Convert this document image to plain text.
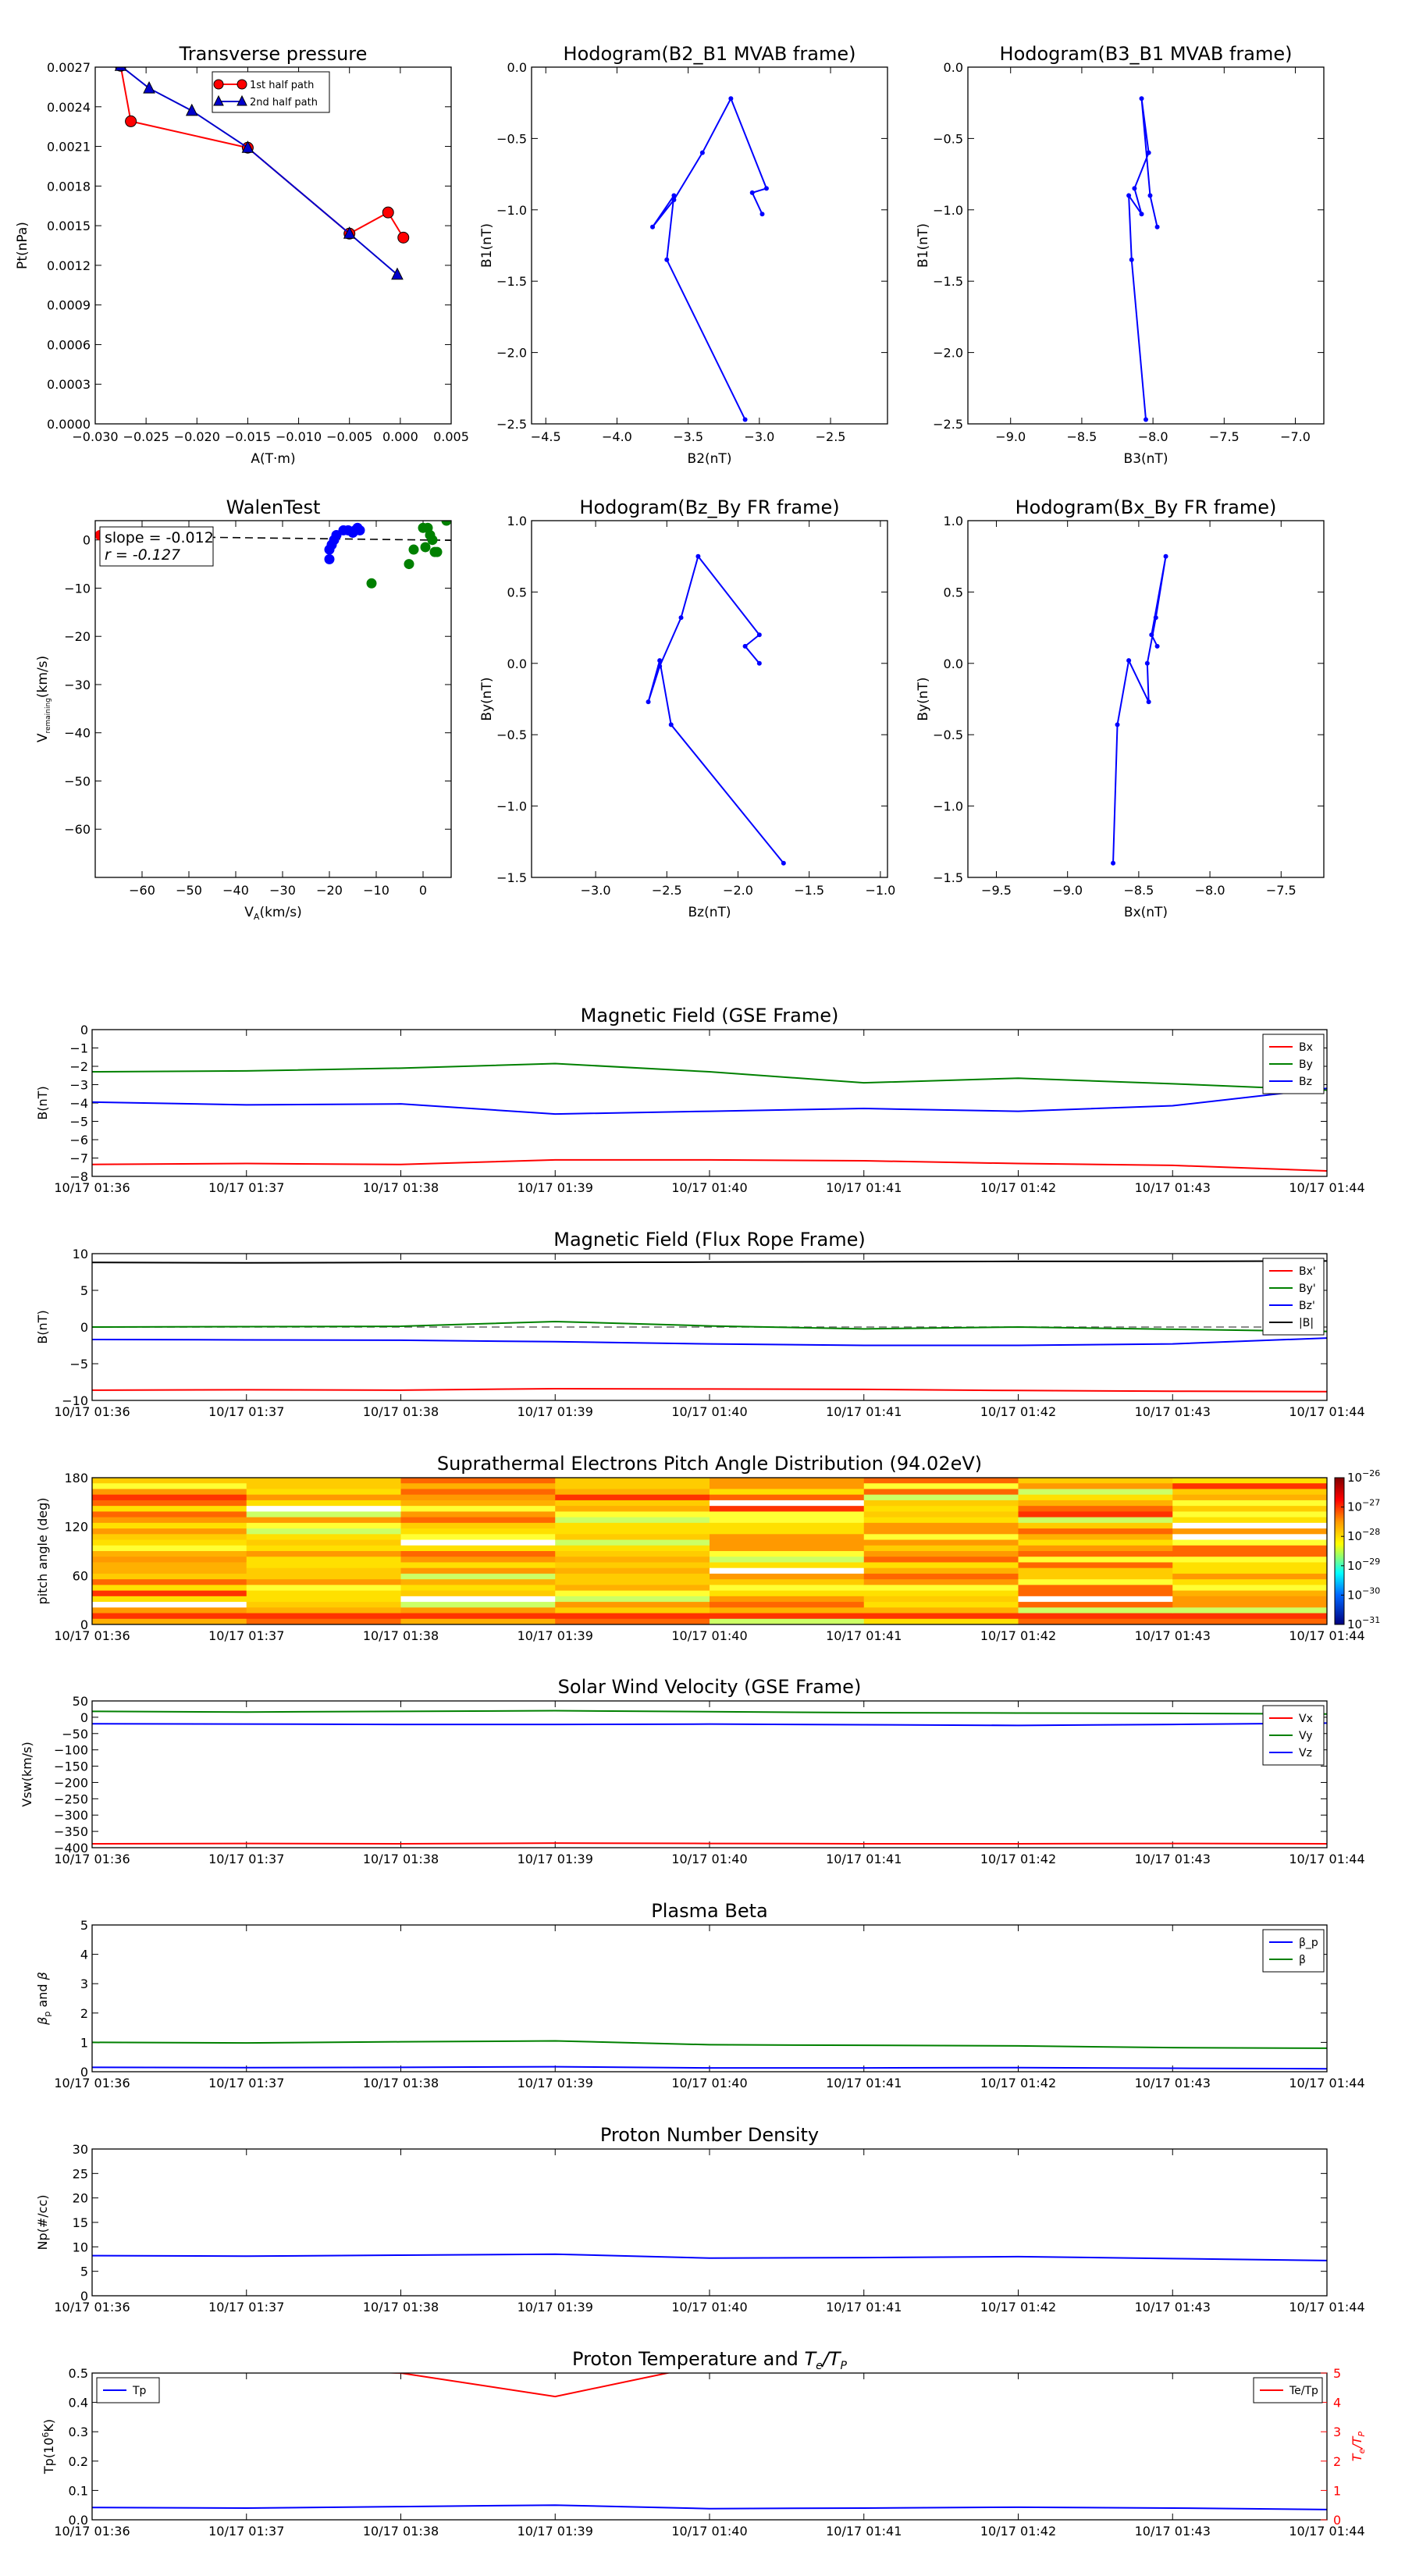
Transverse pressure
A(T·m)
−0.030 −0.025 −0.020 −0.015 −0.010 −0.005 0.000 0.005
0.0000
0.0003
0.0006
0.0009
0.0012
0.0015
0.0018
0.0021
0.0024
0.0027
Pt(nPa)
1st half path
2nd half path
Hodogram(B2_B1 MVAB frame)
B2(nT)
−4.5	−4.0	−3.5	−3.0	−2.5
−2.5
−2.0
−1.5
−1.0
−0.5
0.0
B1(nT)
Hodogram(B3_B1 MVAB frame)
B3(nT)
−9.0	−8.5	−8.0	−7.5	−7.0
−2.5
−2.0
−1.5
−1.0
−0.5
0.0
B1(nT)
WalenTest
−60 −50 −40 −30 −20 −10 0
−60
−50
−40
−30
−20
−10
0
$V_{remaining}(km/s)$
$V_A(km/s)$
slope = -0.012
r = -0.127
Hodogram(Bz_By FR frame)
Bz(nT)
−3.0	−2.5	−2.0	−1.5	−1.0
−1.5
−1.0
−0.5
0.0
0.5
1.0
By(nT)
Hodogram(Bx_By FR frame)
Bx(nT)
−9.5	−9.0	−8.5	−8.0	−7.5
−1.5
−1.0
−0.5
0.0
0.5
1.0
By(nT)
Magnetic Field (GSE Frame)
10/17 01:36	10/17 01:37	10/17 01:38	10/17 01:39	10/17 01:40	10/17 01:41	10/17 01:42	10/17 01:43	10/17 01:44
−8
−7
−6
−5
−4
−3
−2
−1
0
B(nT)
Bx
By
Bz
Magnetic Field (Flux Rope Frame)
10/17 01:36	10/17 01:37	10/17 01:38	10/17 01:39	10/17 01:40	10/17 01:41	10/17 01:42	10/17 01:43	10/17 01:44
−10
−5
0
5
10
B(nT)
Bx'
By'
Bz'
|B|
Suprathermal Electrons Pitch Angle Distribution (94.02eV)
10/17 01:36	10/17 01:37	10/17 01:38	10/17 01:39	10/17 01:40	10/17 01:41	10/17 01:42	10/17 01:43	10/17 01:44
0
60
120
180	$10^{-26}$
$10^{-27}$
$10^{-28}$
$10^{-29}$
$10^{-30}$
$10^{-31}$
pitch angle (deg)
Solar Wind Velocity (GSE Frame)
10/17 01:36	10/17 01:37	10/17 01:38	10/17 01:39	10/17 01:40	10/17 01:41	10/17 01:42	10/17 01:43	10/17 01:44
−400
−350
−300
−250
−200
−150
−100
−50
0
50
Vsw(km/s)
Vx
Vy
Vz
Plasma Beta
10/17 01:36	10/17 01:37	10/17 01:38	10/17 01:39	10/17 01:40	10/17 01:41	10/17 01:42	10/17 01:43	10/17 01:44
0
1
2
3
4
5
$\beta_p$ and β
β_p
β
Proton Number Density
10/17 01:36	10/17 01:37	10/17 01:38	10/17 01:39	10/17 01:40	10/17 01:41	10/17 01:42	10/17 01:43	10/17 01:44
0
5
10
15
20
25
30
Np(#/cc)
Proton Temperature and $T_e/T_P$
10/17 01:36	10/17 01:37	10/17 01:38	10/17 01:39	10/17 01:40	10/17 01:41	10/17 01:42	10/17 01:43	10/17 01:44
0.0
0.1
0.2
0.3
0.4
0.5
$Tp(10^6K)$
0
1
2
3
4
5
$T_e/T_P$
Tp	Te/Tp
